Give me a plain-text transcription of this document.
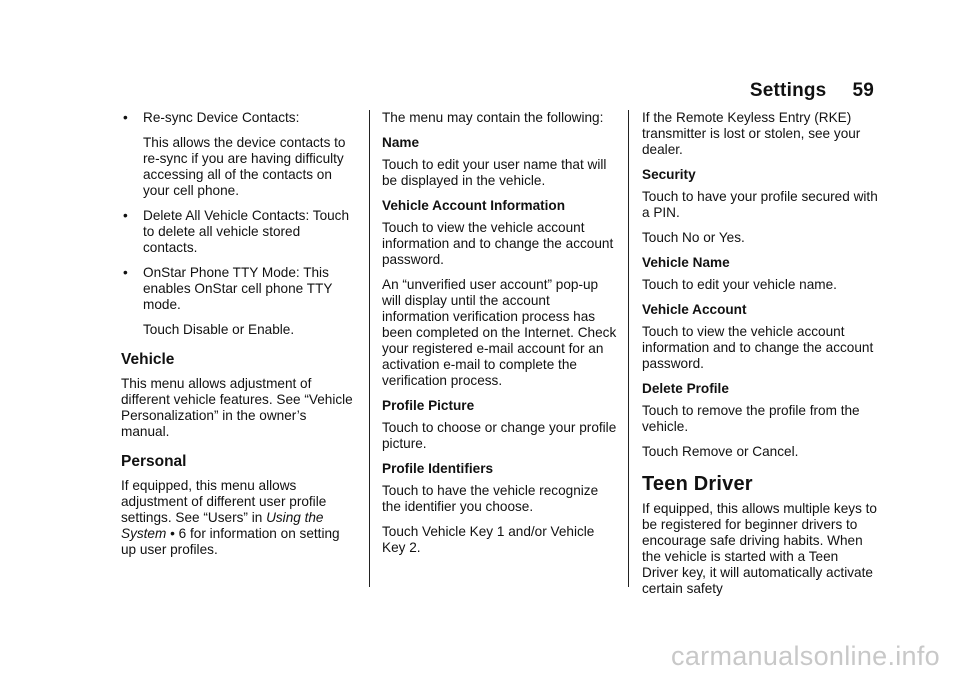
Settings 59
• Re-sync Device Contacts:

This allows the device contacts to re-sync if you are having difficulty accessing all of the contacts on your cell phone.

• Delete All Vehicle Contacts: Touch to delete all vehicle stored contacts.
• OnStar Phone TTY Mode: This enables OnStar cell phone TTY mode.

Touch Disable or Enable.

Vehicle

This menu allows adjustment of different vehicle features. See “Vehicle Personalization” in the owner’s manual.

Personal

If equipped, this menu allows adjustment of different user profile settings. See “Users” in Using the System • 6 for information on setting up user profiles.

The menu may contain the following:

Name

Touch to edit your user name that will be displayed in the vehicle.

Vehicle Account Information

Touch to view the vehicle account information and to change the account password.

An “unverified user account” pop-up will display until the account information verification process has been completed on the Internet. Check your registered e-mail account for an activation e-mail to complete the verification process.

Profile Picture

Touch to choose or change your profile picture.

Profile Identifiers

Touch to have the vehicle recognize the identifier you choose.

Touch Vehicle Key 1 and/or Vehicle Key 2.

If the Remote Keyless Entry (RKE) transmitter is lost or stolen, see your dealer.

Security

Touch to have your profile secured with a PIN.

Touch No or Yes.

Vehicle Name

Touch to edit your vehicle name.

Vehicle Account

Touch to view the vehicle account information and to change the account password.

Delete Profile

Touch to remove the profile from the vehicle.

Touch Remove or Cancel.

Teen Driver

If equipped, this allows multiple keys to be registered for beginner drivers to encourage safe driving habits. When the vehicle is started with a Teen Driver key, it will automatically activate certain safety

carmanualsonline.info
